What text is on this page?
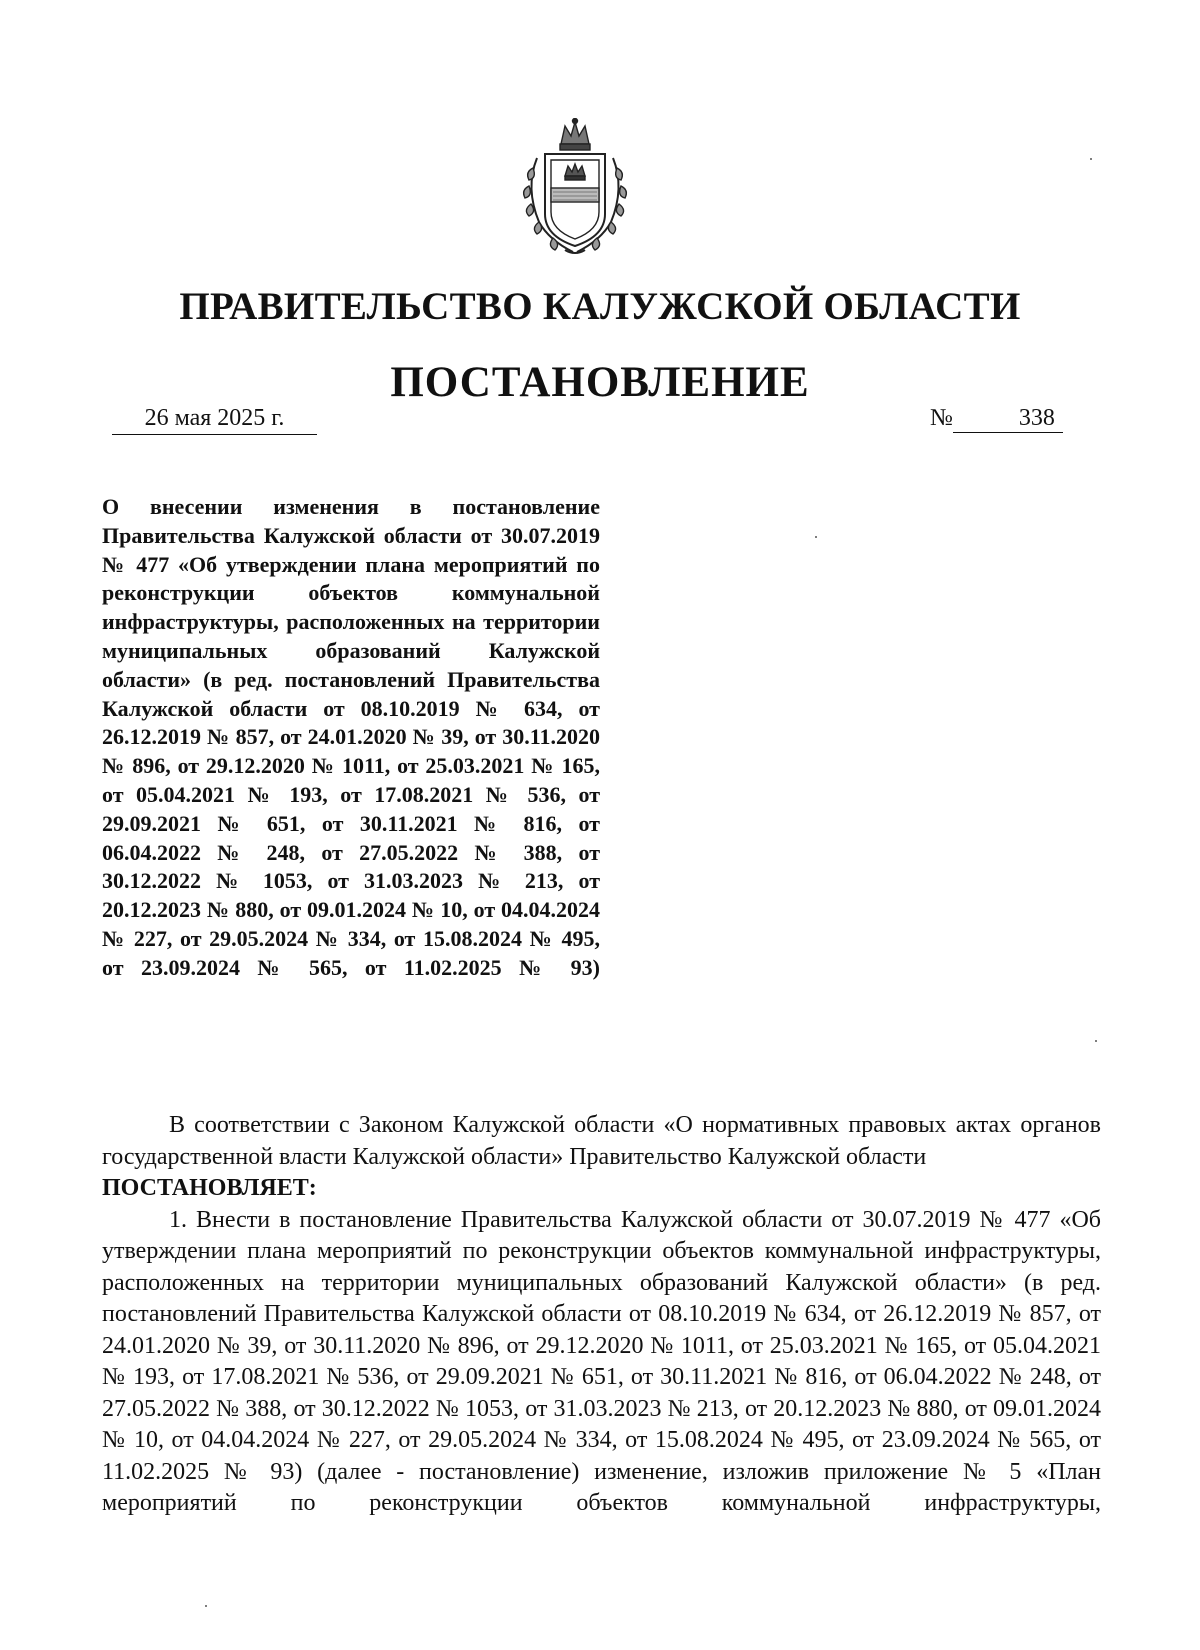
ПРАВИТЕЛЬСТВО КАЛУЖСКОЙ ОБЛАСТИ
ПОСТАНОВЛЕНИЕ
26 мая 2025 г.	№	338

О внесении изменения в постановление Правительства Калужской области от 30.07.2019 № 477 «Об утверждении плана мероприятий по реконструкции объектов коммунальной инфраструктуры, расположенных на территории муниципальных образований Калужской области» (в ред. постановлений Правительства Калужской области от 08.10.2019 № 634, от 26.12.2019 № 857, от 24.01.2020 № 39, от 30.11.2020 № 896, от 29.12.2020 № 1011, от 25.03.2021 № 165, от 05.04.2021 № 193, от 17.08.2021 № 536, от 29.09.2021 № 651, от 30.11.2021 № 816, от 06.04.2022 № 248, от 27.05.2022 № 388, от 30.12.2022 № 1053, от 31.03.2023 № 213, от 20.12.2023 № 880, от 09.01.2024 № 10, от 04.04.2024 № 227, от 29.05.2024 № 334, от 15.08.2024 № 495, от 23.09.2024 № 565, от 11.02.2025 № 93)

В соответствии с Законом Калужской области «О нормативных правовых актах органов государственной власти Калужской области» Правительство Калужской области
ПОСТАНОВЛЯЕТ:

1. Внести в постановление Правительства Калужской области от 30.07.2019 № 477 «Об утверждении плана мероприятий по реконструкции объектов коммунальной инфраструктуры, расположенных на территории муниципальных образований Калужской области» (в ред. постановлений Правительства Калужской области от 08.10.2019 № 634, от 26.12.2019 № 857, от 24.01.2020 № 39, от 30.11.2020 № 896, от 29.12.2020 № 1011, от 25.03.2021 № 165, от 05.04.2021 № 193, от 17.08.2021 № 536, от 29.09.2021 № 651, от 30.11.2021 № 816, от 06.04.2022 № 248, от 27.05.2022 № 388, от 30.12.2022 № 1053, от 31.03.2023 № 213, от 20.12.2023 № 880, от 09.01.2024 № 10, от 04.04.2024 № 227, от 29.05.2024 № 334, от 15.08.2024 № 495, от 23.09.2024 № 565, от 11.02.2025 № 93) (далее - постановление) изменение, изложив приложение № 5 «План мероприятий по реконструкции объектов коммунальной инфраструктуры,
